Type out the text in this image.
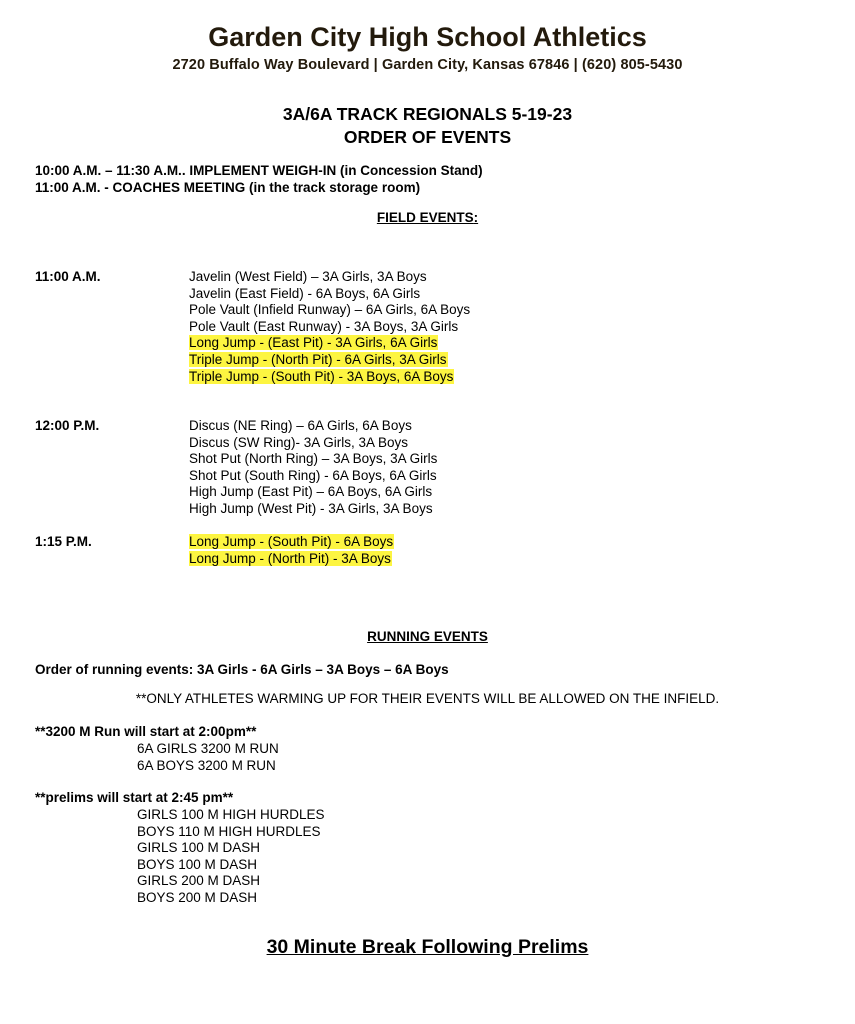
Garden City High School Athletics
2720 Buffalo Way Boulevard | Garden City, Kansas 67846 | (620) 805-5430
3A/6A TRACK REGIONALS 5-19-23
ORDER OF EVENTS
10:00 A.M. – 11:30 A.M.. IMPLEMENT WEIGH-IN (in Concession Stand)
11:00 A.M. - COACHES MEETING (in the track storage room)
FIELD EVENTS:
11:00 A.M.	Javelin (West Field) – 3A Girls, 3A Boys
Javelin (East Field) - 6A Boys, 6A Girls
Pole Vault (Infield Runway) – 6A Girls, 6A Boys
Pole Vault (East Runway) - 3A Boys, 3A Girls
Long Jump - (East Pit) - 3A Girls, 6A Girls
Triple Jump - (North Pit) - 6A Girls, 3A Girls
Triple Jump - (South Pit) - 3A Boys, 6A Boys
12:00 P.M.	Discus (NE Ring) – 6A Girls, 6A Boys
Discus (SW Ring)- 3A Girls, 3A Boys
Shot Put (North Ring) – 3A Boys, 3A Girls
Shot Put (South Ring) - 6A Boys, 6A Girls
High Jump (East Pit) – 6A Boys, 6A Girls
High Jump (West Pit) - 3A Girls, 3A Boys
1:15 P.M.	Long Jump - (South Pit) - 6A Boys
Long Jump - (North Pit) - 3A Boys
RUNNING EVENTS
Order of running events: 3A Girls - 6A Girls – 3A Boys – 6A Boys
**ONLY ATHLETES WARMING UP FOR THEIR EVENTS WILL BE ALLOWED ON THE INFIELD.
**3200 M Run will start at 2:00pm**
6A GIRLS 3200 M RUN
6A BOYS 3200 M RUN
**prelims will start at 2:45 pm**
GIRLS 100 M HIGH HURDLES
BOYS 110 M HIGH HURDLES
GIRLS 100 M DASH
BOYS 100 M DASH
GIRLS 200 M DASH
BOYS 200 M DASH
30 Minute Break Following Prelims
